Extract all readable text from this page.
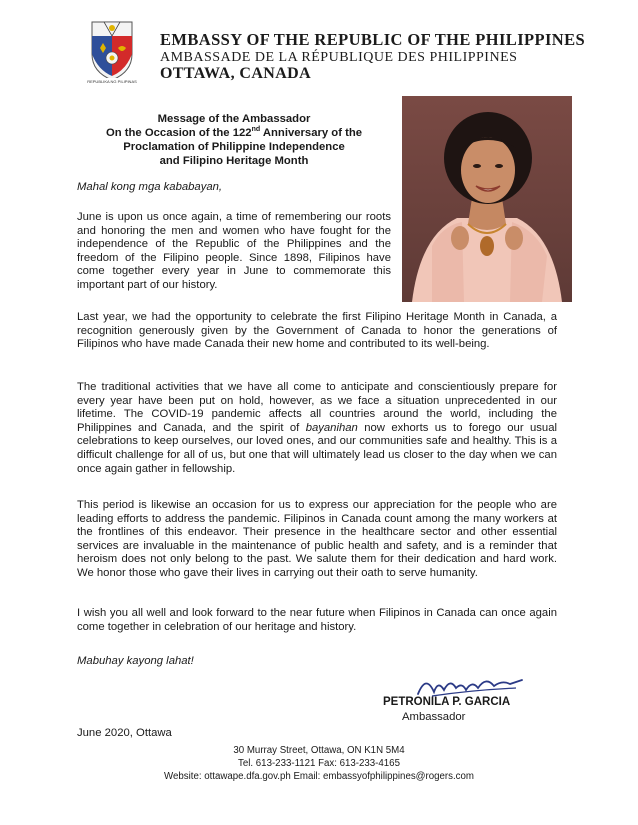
REPUBLIKA NG PILIPINAS
EMBASSY OF THE REPUBLIC OF THE PHILIPPINES
AMBASSADE DE LA RÉPUBLIQUE DES PHILIPPINES
OTTAWA, CANADA
Message of the Ambassador
On the Occasion of the 122nd Anniversary of the
Proclamation of Philippine Independence
and Filipino Heritage Month
Mahal kong mga kababayan,
June is upon us once again, a time of remembering our roots and honoring the men and women who have fought for the independence of the Republic of the Philippines and the freedom of the Filipino people. Since 1898, Filipinos have come together every year in June to commemorate this important part of our history.
Last year, we had the opportunity to celebrate the first Filipino Heritage Month in Canada, a recognition generously given by the Government of Canada to honor the generations of Filipinos who have made Canada their new home and contributed to its well-being.
The traditional activities that we have all come to anticipate and conscientiously prepare for every year have been put on hold, however, as we face a situation unprecedented in our lifetime. The COVID-19 pandemic affects all countries around the world, including the Philippines and Canada, and the spirit of bayanihan now exhorts us to forego our usual celebrations to keep ourselves, our loved ones, and our communities safe and healthy. This is a difficult challenge for all of us, but one that will ultimately lead us closer to the day when we can once again gather in fellowship.
This period is likewise an occasion for us to express our appreciation for the people who are leading efforts to address the pandemic. Filipinos in Canada count among the many workers at the frontlines of this endeavor. Their presence in the healthcare sector and other essential services are invaluable in the maintenance of public health and safety, and is a reminder that heroism does not only belong to the past. We salute them for their dedication and hard work. We honor those who gave their lives in carrying out their oath to serve humanity.
I wish you all well and look forward to the near future when Filipinos in Canada can once again come together in celebration of our heritage and history.
Mabuhay kayong lahat!
PETRONILA P. GARCIA
Ambassador
June 2020, Ottawa
30 Murray Street, Ottawa, ON K1N 5M4
Tel. 613-233-1121 Fax: 613-233-4165
Website: ottawape.dfa.gov.ph Email: embassyofphilippines@rogers.com
